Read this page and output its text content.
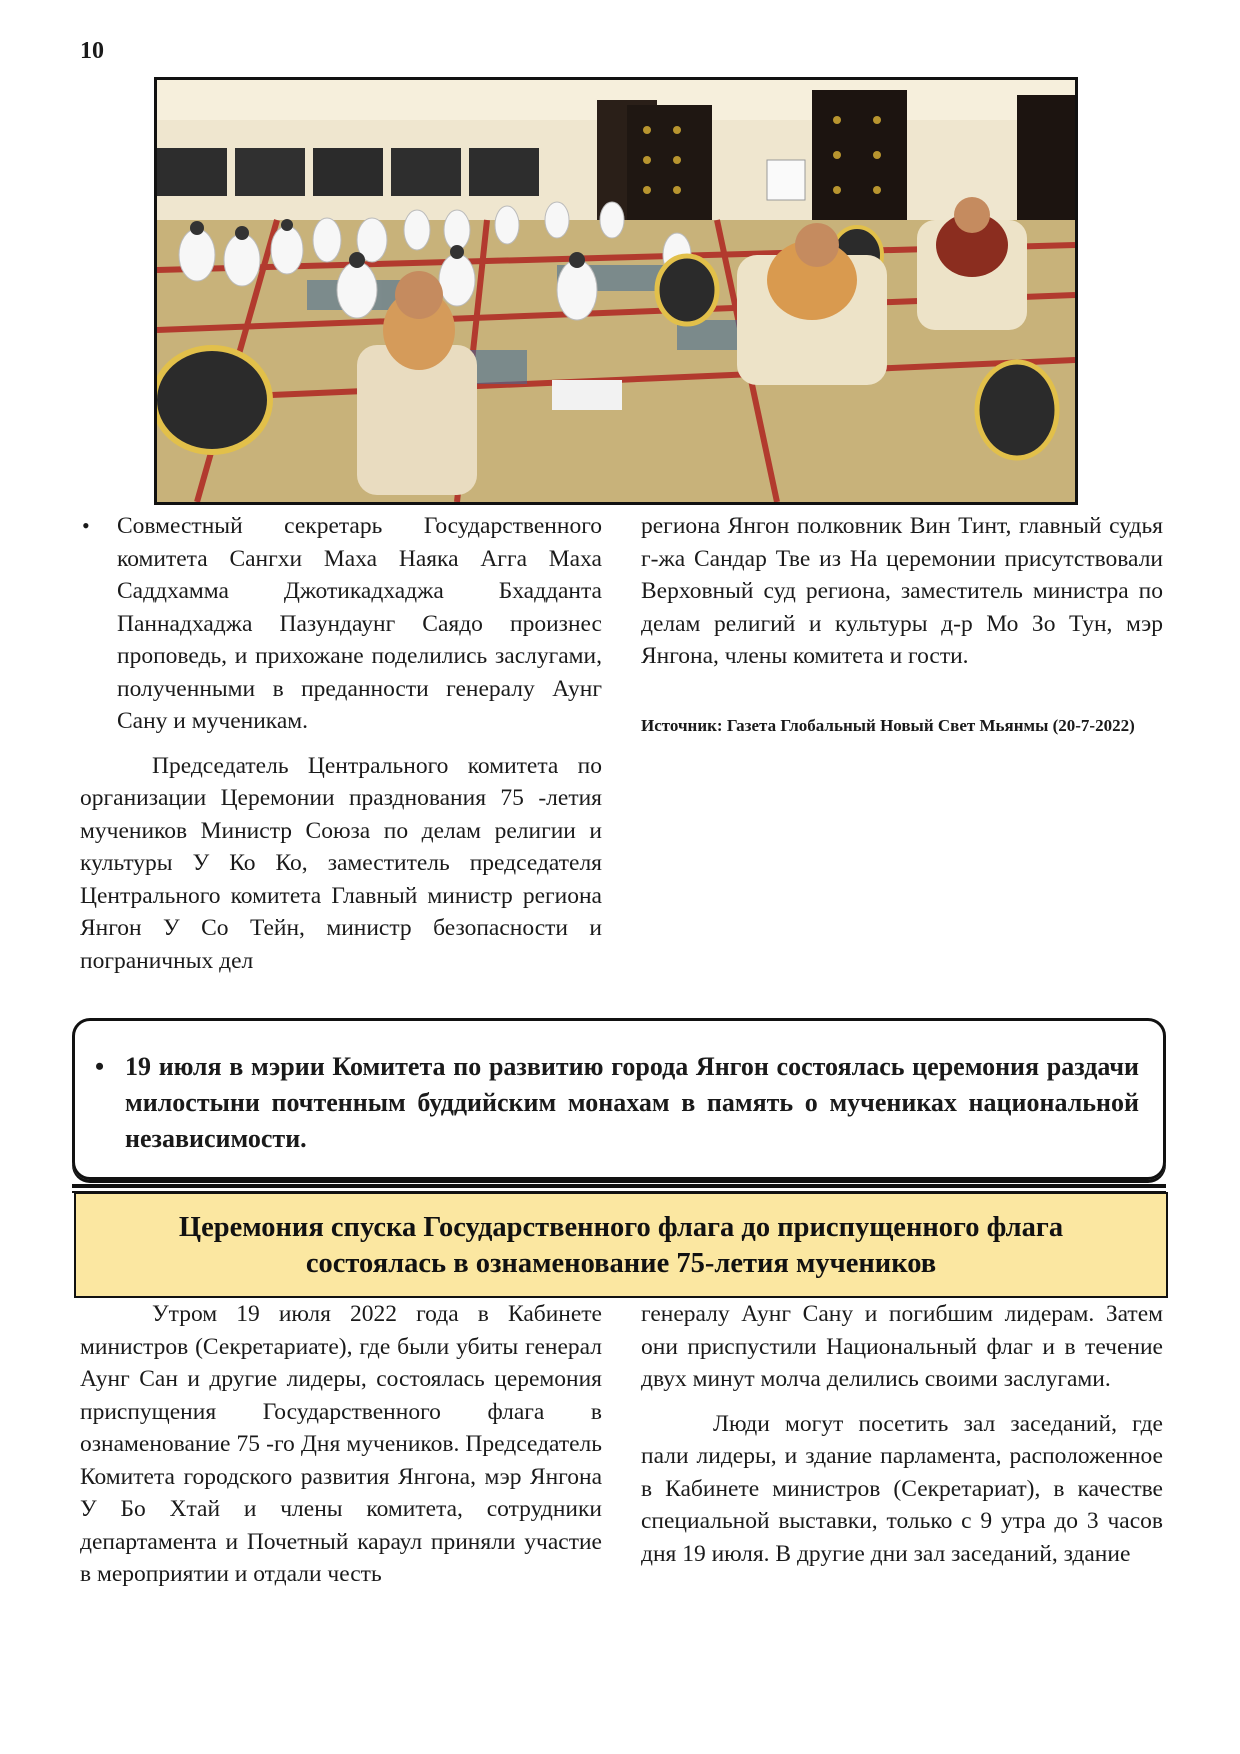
10

• Совместный секретарь Государственного комитета Сангхи Маха Наяка Агга Маха Саддхамма Джотикадхаджа Бхадданта Паннадхаджа Пазундаунг Саядо произнес проповедь, и прихожане поделились заслугами, полученными в преданности генералу Аунг Сану и мученикам.

Председатель Центрального комитета по организации Церемонии празднования 75 -летия мучеников Министр Союза по делам религии и культуры У Ко Ко, заместитель председателя Центрального комитета Главный министр региона Янгон У Со Тейн, министр безопасности и пограничных дел

региона Янгон полковник Вин Тинт, главный судья г-жа Сандар Тве из На церемонии присутствовали Верховный суд региона, заместитель министра по делам религий и культуры д-р Мо Зо Тун, мэр Янгона, члены комитета и гости.

Источник: Газета Глобальный Новый Свет Мьянмы (20-7-2022)

• 19 июля в мэрии Комитета по развитию города Янгон состоялась церемония раздачи милостыни почтенным буддийским монахам в память о мучениках национальной независимости.
Церемония спуска Государственного флага до приспущенного флага
состоялась в ознаменование 75-летия мучеников

Утром 19 июля 2022 года в Кабинете министров (Секретариате), где были убиты генерал Аунг Сан и другие лидеры, состоялась церемония приспущения Государственного флага в ознаменование 75 -го Дня мучеников. Председатель Комитета городского развития Янгона, мэр Янгона У Бо Хтай и члены комитета, сотрудники департамента и Почетный караул приняли участие в мероприятии и отдали честь

генералу Аунг Сану и погибшим лидерам. Затем они приспустили Национальный флаг и в течение двух минут молча делились своими заслугами.

Люди могут посетить зал заседаний, где пали лидеры, и здание парламента, расположенное в Кабинете министров (Секретариат), в качестве специальной выставки, только с 9 утра до 3 часов дня 19 июля. В другие дни зал заседаний, здание
